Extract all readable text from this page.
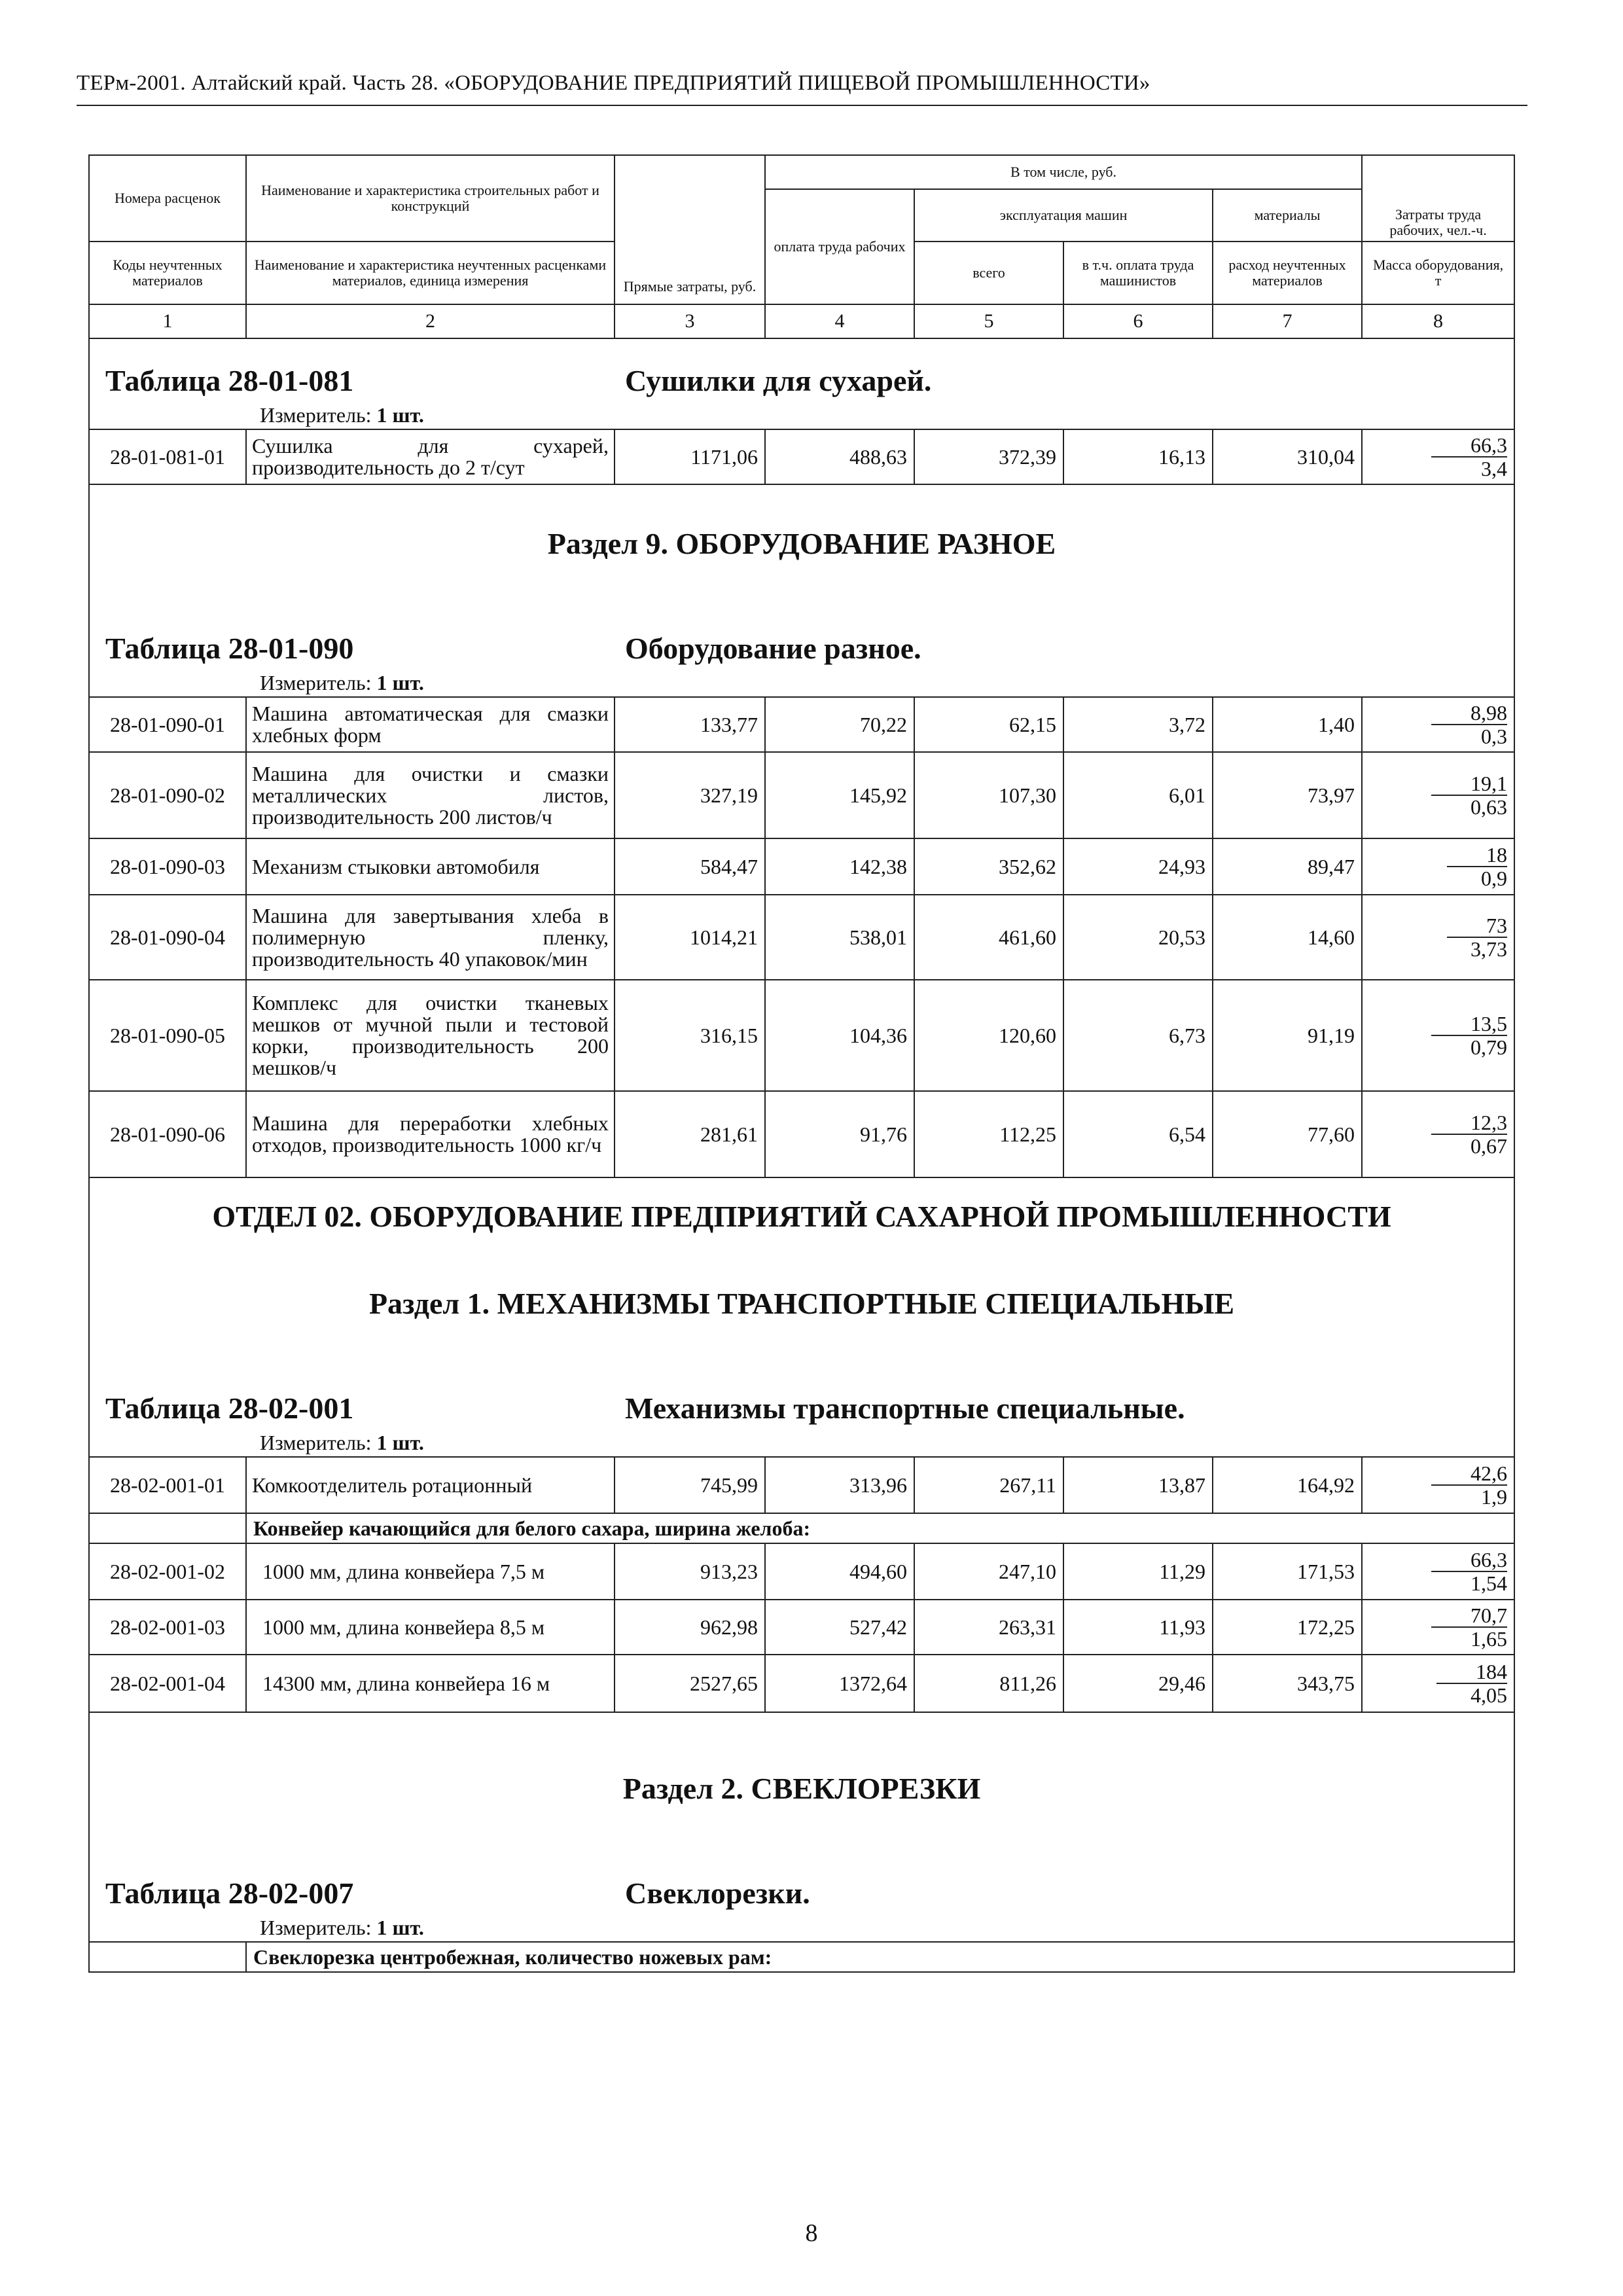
ТЕРм-2001. Алтайский край. Часть 28. «ОБОРУДОВАНИЕ ПРЕДПРИЯТИЙ ПИЩЕВОЙ ПРОМЫШЛЕННОСТИ»
Номера расценок	Наименование и характеристика строительных работ и конструкций	Прямые затраты, руб.	В том числе, руб.				Затраты труда рабочих, чел.-ч.
			оплата труда рабочих	эксплуатация машин		материалы	
Коды неучтенных материалов	Наименование и характеристика неучтенных расценками материалов, единица измерения			всего	в т.ч. оплата труда машинистов	расход неучтенных материалов	Масса оборудования, т
1	2	3	4	5	6	7	8

Таблица 28-01-081 Сушилки для сухарей.							

Измеритель: 1 шт.							
28-01-081-01	Сушилка для сухарей, производительность до 2 т/сут	1171,06	488,63	372,39	16,13	310,04	66,3
3,4

Раздел 9. ОБОРУДОВАНИЕ РАЗНОЕ							

Таблица 28-01-090 Оборудование разное.							

Измеритель: 1 шт.							
28-01-090-01	Машина автоматическая для смазки хлебных форм	133,77	70,22	62,15	3,72	1,40	8,98
0,3

28-01-090-02	Машина для очистки и смазки металлических листов, производительность 200 листов/ч	327,19	145,92	107,30	6,01	73,97	19,1
0,63

28-01-090-03	Механизм стыковки автомобиля	584,47	142,38	352,62	24,93	89,47	18
0,9

28-01-090-04	Машина для завертывания хлеба в полимерную пленку, производительность 40 упаковок/мин	1014,21	538,01	461,60	20,53	14,60	73
3,73

28-01-090-05	Комплекс для очистки тканевых мешков от мучной пыли и тестовой корки, производительность 200 мешков/ч	316,15	104,36	120,60	6,73	91,19	13,5
0,79

28-01-090-06	Машина для переработки хлебных отходов, производительность 1000 кг/ч	281,61	91,76	112,25	6,54	77,60	12,3
0,67

ОТДЕЛ 02. ОБОРУДОВАНИЕ ПРЕДПРИЯТИЙ САХАРНОЙ ПРОМЫШЛЕННОСТИ							

Раздел 1. МЕХАНИЗМЫ ТРАНСПОРТНЫЕ СПЕЦИАЛЬНЫЕ							

Таблица 28-02-001 Механизмы транспортные специальные.							

Измеритель: 1 шт.							
28-02-001-01	Комкоотделитель ротационный	745,99	313,96	267,11	13,87	164,92	42,6
1,9

	Конвейер качающийся для белого сахара, ширина желоба:						
28-02-001-02	1000 мм, длина конвейера 7,5 м	913,23	494,60	247,10	11,29	171,53	66,3
1,54

28-02-001-03	1000 мм, длина конвейера 8,5 м	962,98	527,42	263,31	11,93	172,25	70,7
1,65

28-02-001-04	14300 мм, длина конвейера 16 м	2527,65	1372,64	811,26	29,46	343,75	184
4,05

Раздел 2. СВЕКЛОРЕЗКИ							

Таблица 28-02-007 Свеклорезки.							

Измеритель: 1 шт.							
	Свеклорезка центробежная, количество ножевых рам:						
8
